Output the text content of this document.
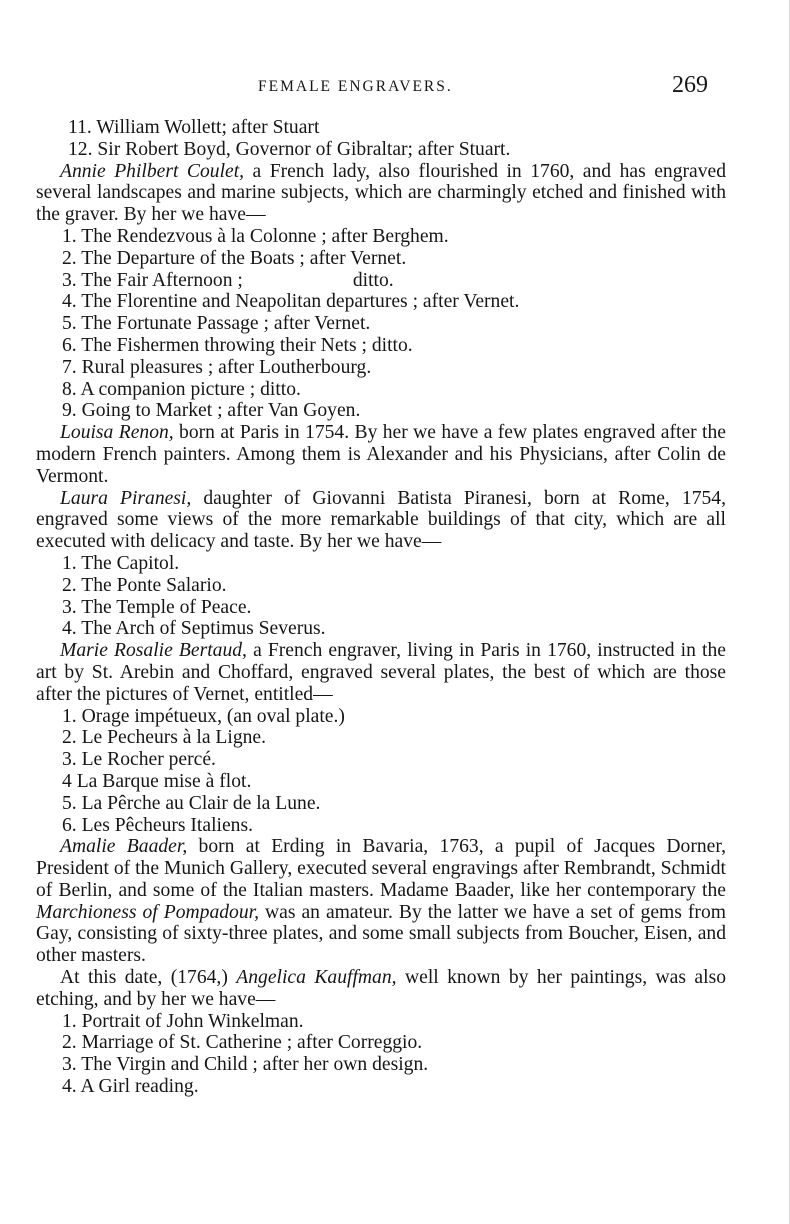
FEMALE ENGRAVERS.	269

11. William Wollett; after Stuart

12. Sir Robert Boyd, Governor of Gibraltar; after Stuart.

Annie Philbert Coulet, a French lady, also flourished in 1760, and has engraved several landscapes and marine subjects, which are charmingly etched and finished with the graver. By her we have—

1. The Rendezvous à la Colonne ; after Berghem.

2. The Departure of the Boats ; after Vernet.

3. The Fair Afternoon ;	ditto.

4. The Florentine and Neapolitan departures ; after Vernet.

5. The Fortunate Passage ; after Vernet.

6. The Fishermen throwing their Nets ; ditto.

7. Rural pleasures ; after Loutherbourg.

8. A companion picture ; ditto.

9. Going to Market ; after Van Goyen.

Louisa Renon, born at Paris in 1754. By her we have a few plates engraved after the modern French painters. Among them is Alexander and his Physicians, after Colin de Vermont.

Laura Piranesi, daughter of Giovanni Batista Piranesi, born at Rome, 1754, engraved some views of the more remarkable buildings of that city, which are all executed with delicacy and taste. By her we have—

1. The Capitol.

2. The Ponte Salario.

3. The Temple of Peace.

4. The Arch of Septimus Severus.

Marie Rosalie Bertaud, a French engraver, living in Paris in 1760, instructed in the art by St. Arebin and Choffard, engraved several plates, the best of which are those after the pictures of Vernet, entitled—

1. Orage impétueux, (an oval plate.)

2. Le Pecheurs à la Ligne.

3. Le Rocher percé.

4 La Barque mise à flot.

5. La Pêrche au Clair de la Lune.

6. Les Pêcheurs Italiens.

Amalie Baader, born at Erding in Bavaria, 1763, a pupil of Jacques Dorner, President of the Munich Gallery, executed several engravings after Rembrandt, Schmidt of Berlin, and some of the Italian masters. Madame Baader, like her contemporary the Marchioness of Pompadour, was an amateur. By the latter we have a set of gems from Gay, consisting of sixty-three plates, and some small subjects from Boucher, Eisen, and other masters.

At this date, (1764,) Angelica Kauffman, well known by her paintings, was also etching, and by her we have—

1. Portrait of John Winkelman.

2. Marriage of St. Catherine ; after Correggio.

3. The Virgin and Child ; after her own design.

4. A Girl reading.
